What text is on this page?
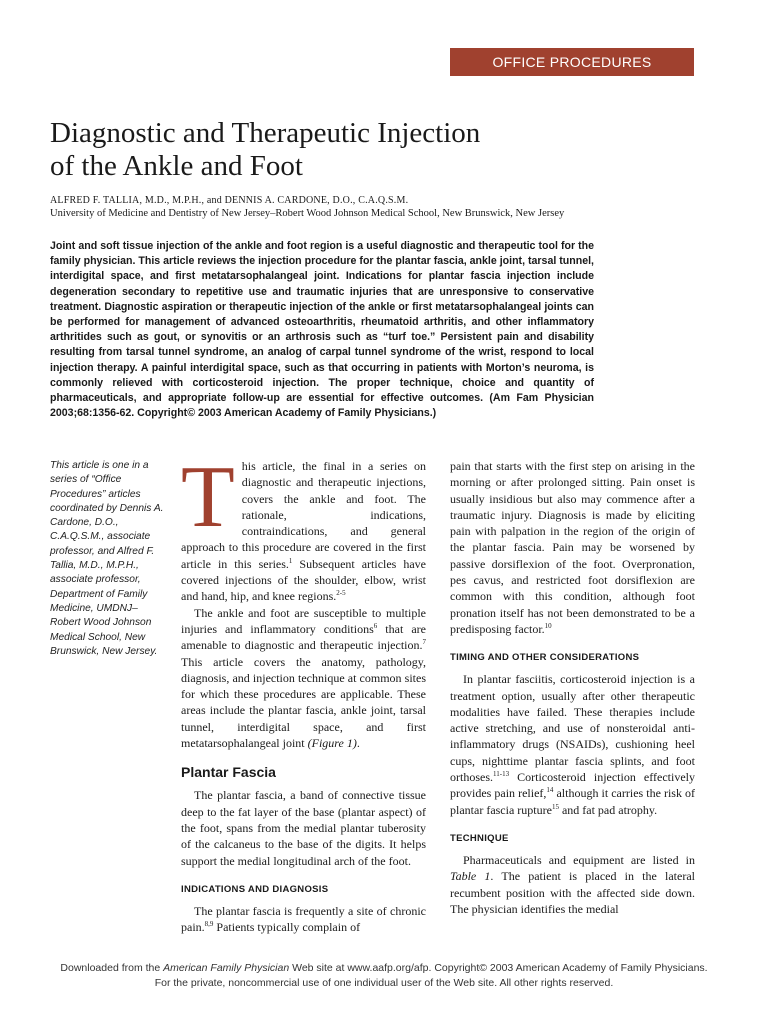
OFFICE PROCEDURES
Diagnostic and Therapeutic Injection
of the Ankle and Foot
ALFRED F. TALLIA, M.D., M.P.H., and DENNIS A. CARDONE, D.O., C.A.Q.S.M.
University of Medicine and Dentistry of New Jersey–Robert Wood Johnson Medical School, New Brunswick, New Jersey

Joint and soft tissue injection of the ankle and foot region is a useful diagnostic and therapeutic tool for the family physician. This article reviews the injection procedure for the plantar fascia, ankle joint, tarsal tunnel, interdigital space, and first metatarsophalangeal joint. Indications for plantar fascia injection include degeneration secondary to repetitive use and traumatic injuries that are unresponsive to conservative treatment. Diagnostic aspiration or therapeutic injection of the ankle or first metatarsophalangeal joints can be performed for management of advanced osteoarthritis, rheumatoid arthritis, and other inflammatory arthritides such as gout, or synovitis or an arthrosis such as “turf toe.” Persistent pain and disability resulting from tarsal tunnel syndrome, an analog of carpal tunnel syndrome of the wrist, respond to local injection therapy. A painful interdigital space, such as that occurring in patients with Morton’s neuroma, is commonly relieved with corticosteroid injection. The proper technique, choice and quantity of pharmaceuticals, and appropriate follow-up are essential for effective outcomes. (Am Fam Physician 2003;68:1356-62. Copyright© 2003 American Academy of Family Physicians.)

This article is one in a series of “Office Procedures” articles coordinated by Dennis A. Cardone, D.O., C.A.Q.S.M., associate professor, and Alfred F. Tallia, M.D., M.P.H., associate professor, Department of Family Medicine, UMDNJ–Robert Wood Johnson Medical School, New Brunswick, New Jersey.

This article, the final in a series on diagnostic and therapeutic injections, covers the ankle and foot. The rationale, indications, contraindications, and general approach to this procedure are covered in the first article in this series.$^1$ Subsequent articles have covered injections of the shoulder, elbow, wrist and hand, hip, and knee regions.$^{2-5}$

The ankle and foot are susceptible to multiple injuries and inflammatory conditions$^6$ that are amenable to diagnostic and therapeutic injection.$^7$ This article covers the anatomy, pathology, diagnosis, and injection technique at common sites for which these procedures are applicable. These areas include the plantar fascia, ankle joint, tarsal tunnel, interdigital space, and first metatarsophalangeal joint (Figure 1).

Plantar Fascia

The plantar fascia, a band of connective tissue deep to the fat layer of the base (plantar aspect) of the foot, spans from the medial plantar tuberosity of the calcaneus to the base of the digits. It helps support the medial longitudinal arch of the foot.

INDICATIONS AND DIAGNOSIS

The plantar fascia is frequently a site of chronic pain.$^{8,9}$ Patients typically complain of

pain that starts with the first step on arising in the morning or after prolonged sitting. Pain onset is usually insidious but also may commence after a traumatic injury. Diagnosis is made by eliciting pain with palpation in the region of the origin of the plantar fascia. Pain may be worsened by passive dorsiflexion of the foot. Overpronation, pes cavus, and restricted foot dorsiflexion are common with this condition, although foot pronation itself has not been demonstrated to be a predisposing factor.$^{10}$

TIMING AND OTHER CONSIDERATIONS

In plantar fasciitis, corticosteroid injection is a treatment option, usually after other therapeutic modalities have failed. These therapies include active stretching, and use of nonsteroidal anti-inflammatory drugs (NSAIDs), cushioning heel cups, nighttime plantar fascia splints, and foot orthoses.$^{11-13}$ Corticosteroid injection effectively provides pain relief,$^{14}$ although it carries the risk of plantar fascia rupture$^{15}$ and fat pad atrophy.

TECHNIQUE

Pharmaceuticals and equipment are listed in Table 1. The patient is placed in the lateral recumbent position with the affected side down. The physician identifies the medial

Downloaded from the American Family Physician Web site at www.aafp.org/afp. Copyright© 2003 American Academy of Family Physicians. For the private, noncommercial use of one individual user of the Web site. All other rights reserved.
